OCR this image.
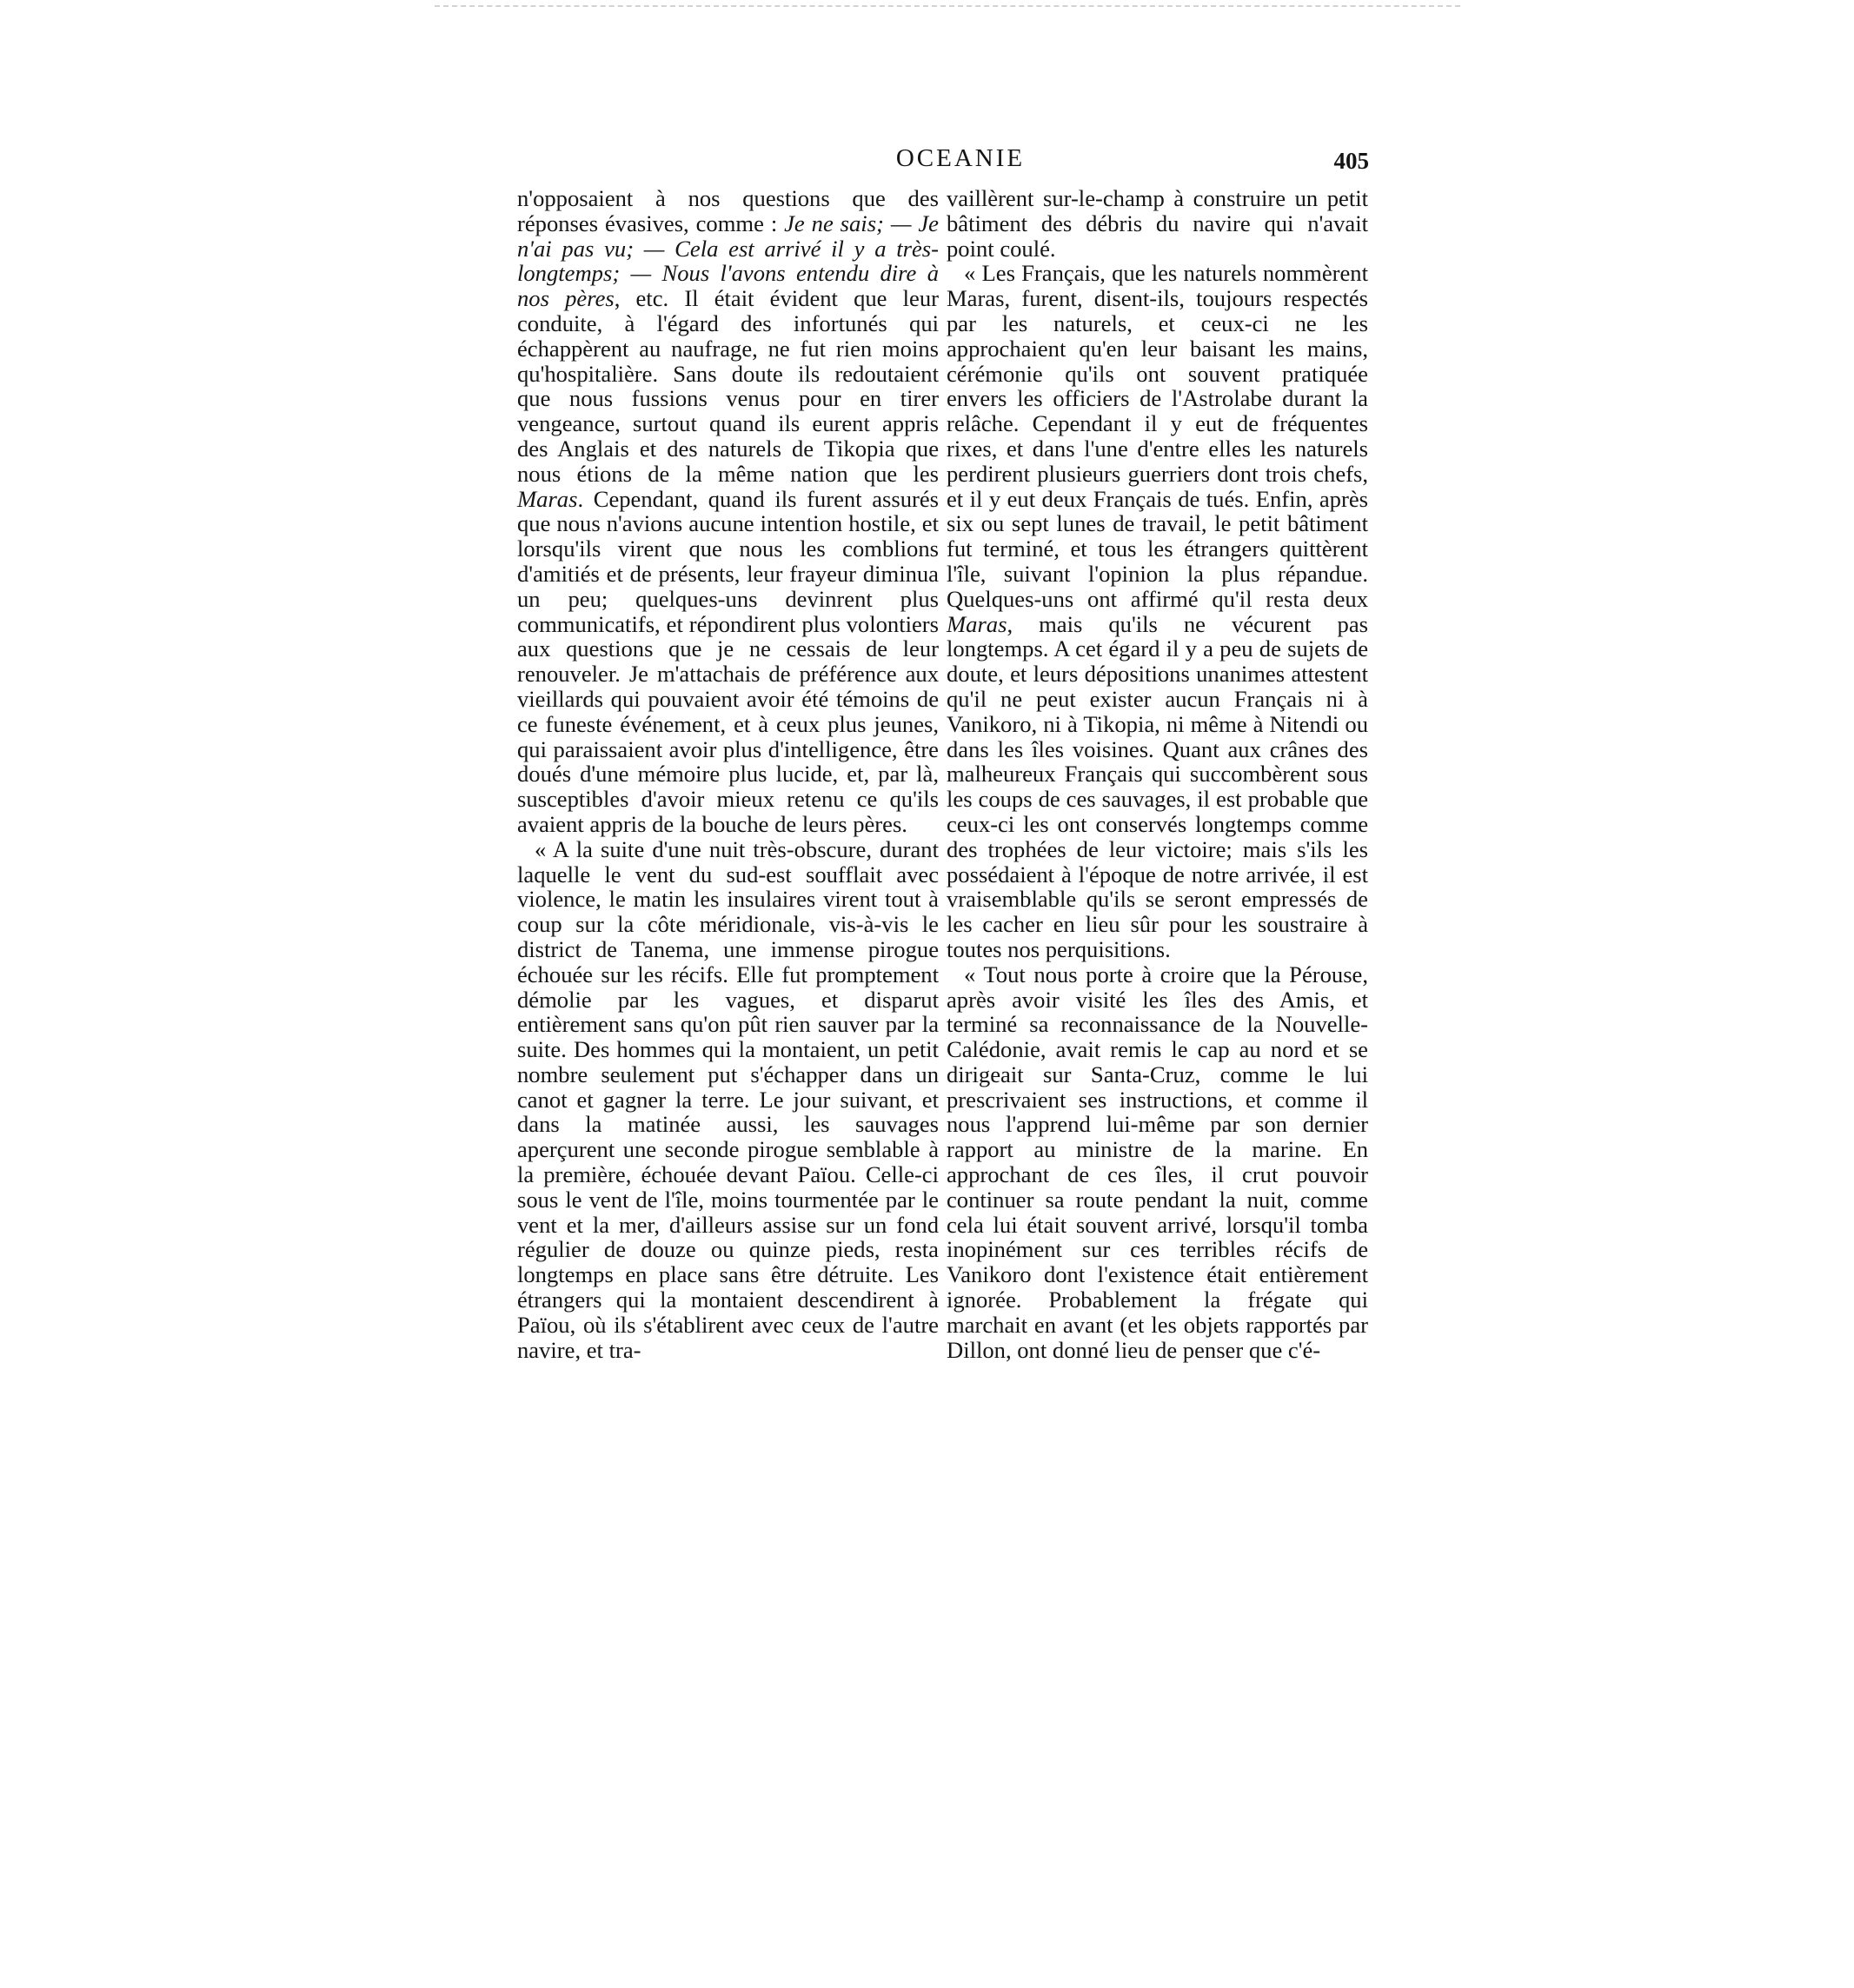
OCEANIE	405

n'opposaient à nos questions que des réponses évasives, comme : Je ne sais; — Je n'ai pas vu; — Cela est arrivé il y a très-longtemps; — Nous l'avons entendu dire à nos pères, etc. Il était évident que leur conduite, à l'égard des infortunés qui échappèrent au naufrage, ne fut rien moins qu'hospitalière. Sans doute ils redoutaient que nous fussions venus pour en tirer vengeance, surtout quand ils eurent appris des Anglais et des naturels de Tikopia que nous étions de la même nation que les Maras. Cependant, quand ils furent assurés que nous n'avions aucune intention hostile, et lorsqu'ils virent que nous les comblions d'amitiés et de présents, leur frayeur diminua un peu; quelques-uns devinrent plus communicatifs, et répondirent plus volontiers aux questions que je ne cessais de leur renouveler. Je m'attachais de préférence aux vieillards qui pouvaient avoir été témoins de ce funeste événement, et à ceux plus jeunes, qui paraissaient avoir plus d'intelligence, être doués d'une mémoire plus lucide, et, par là, susceptibles d'avoir mieux retenu ce qu'ils avaient appris de la bouche de leurs pères.

« A la suite d'une nuit très-obscure, durant laquelle le vent du sud-est soufflait avec violence, le matin les insulaires virent tout à coup sur la côte méridionale, vis-à-vis le district de Tanema, une immense pirogue échouée sur les récifs. Elle fut promptement démolie par les vagues, et disparut entièrement sans qu'on pût rien sauver par la suite. Des hommes qui la montaient, un petit nombre seulement put s'échapper dans un canot et gagner la terre. Le jour suivant, et dans la matinée aussi, les sauvages aperçurent une seconde pirogue semblable à la première, échouée devant Païou. Celle-ci sous le vent de l'île, moins tourmentée par le vent et la mer, d'ailleurs assise sur un fond régulier de douze ou quinze pieds, resta longtemps en place sans être détruite. Les étrangers qui la montaient descendirent à Païou, où ils s'établirent avec ceux de l'autre navire, et tra-

vaillèrent sur-le-champ à construire un petit bâtiment des débris du navire qui n'avait point coulé.

« Les Français, que les naturels nommèrent Maras, furent, disent-ils, toujours respectés par les naturels, et ceux-ci ne les approchaient qu'en leur baisant les mains, cérémonie qu'ils ont souvent pratiquée envers les officiers de l'Astrolabe durant la relâche. Cependant il y eut de fréquentes rixes, et dans l'une d'entre elles les naturels perdirent plusieurs guerriers dont trois chefs, et il y eut deux Français de tués. Enfin, après six ou sept lunes de travail, le petit bâtiment fut terminé, et tous les étrangers quittèrent l'île, suivant l'opinion la plus répandue. Quelques-uns ont affirmé qu'il resta deux Maras, mais qu'ils ne vécurent pas longtemps. A cet égard il y a peu de sujets de doute, et leurs dépositions unanimes attestent qu'il ne peut exister aucun Français ni à Vanikoro, ni à Tikopia, ni même à Nitendi ou dans les îles voisines. Quant aux crânes des malheureux Français qui succombèrent sous les coups de ces sauvages, il est probable que ceux-ci les ont conservés longtemps comme des trophées de leur victoire; mais s'ils les possédaient à l'époque de notre arrivée, il est vraisemblable qu'ils se seront empressés de les cacher en lieu sûr pour les soustraire à toutes nos perquisitions.

« Tout nous porte à croire que la Pérouse, après avoir visité les îles des Amis, et terminé sa reconnaissance de la Nouvelle-Calédonie, avait remis le cap au nord et se dirigeait sur Santa-Cruz, comme le lui prescrivaient ses instructions, et comme il nous l'apprend lui-même par son dernier rapport au ministre de la marine. En approchant de ces îles, il crut pouvoir continuer sa route pendant la nuit, comme cela lui était souvent arrivé, lorsqu'il tomba inopinément sur ces terribles récifs de Vanikoro dont l'existence était entièrement ignorée. Probablement la frégate qui marchait en avant (et les objets rapportés par Dillon, ont donné lieu de penser que c'é-
